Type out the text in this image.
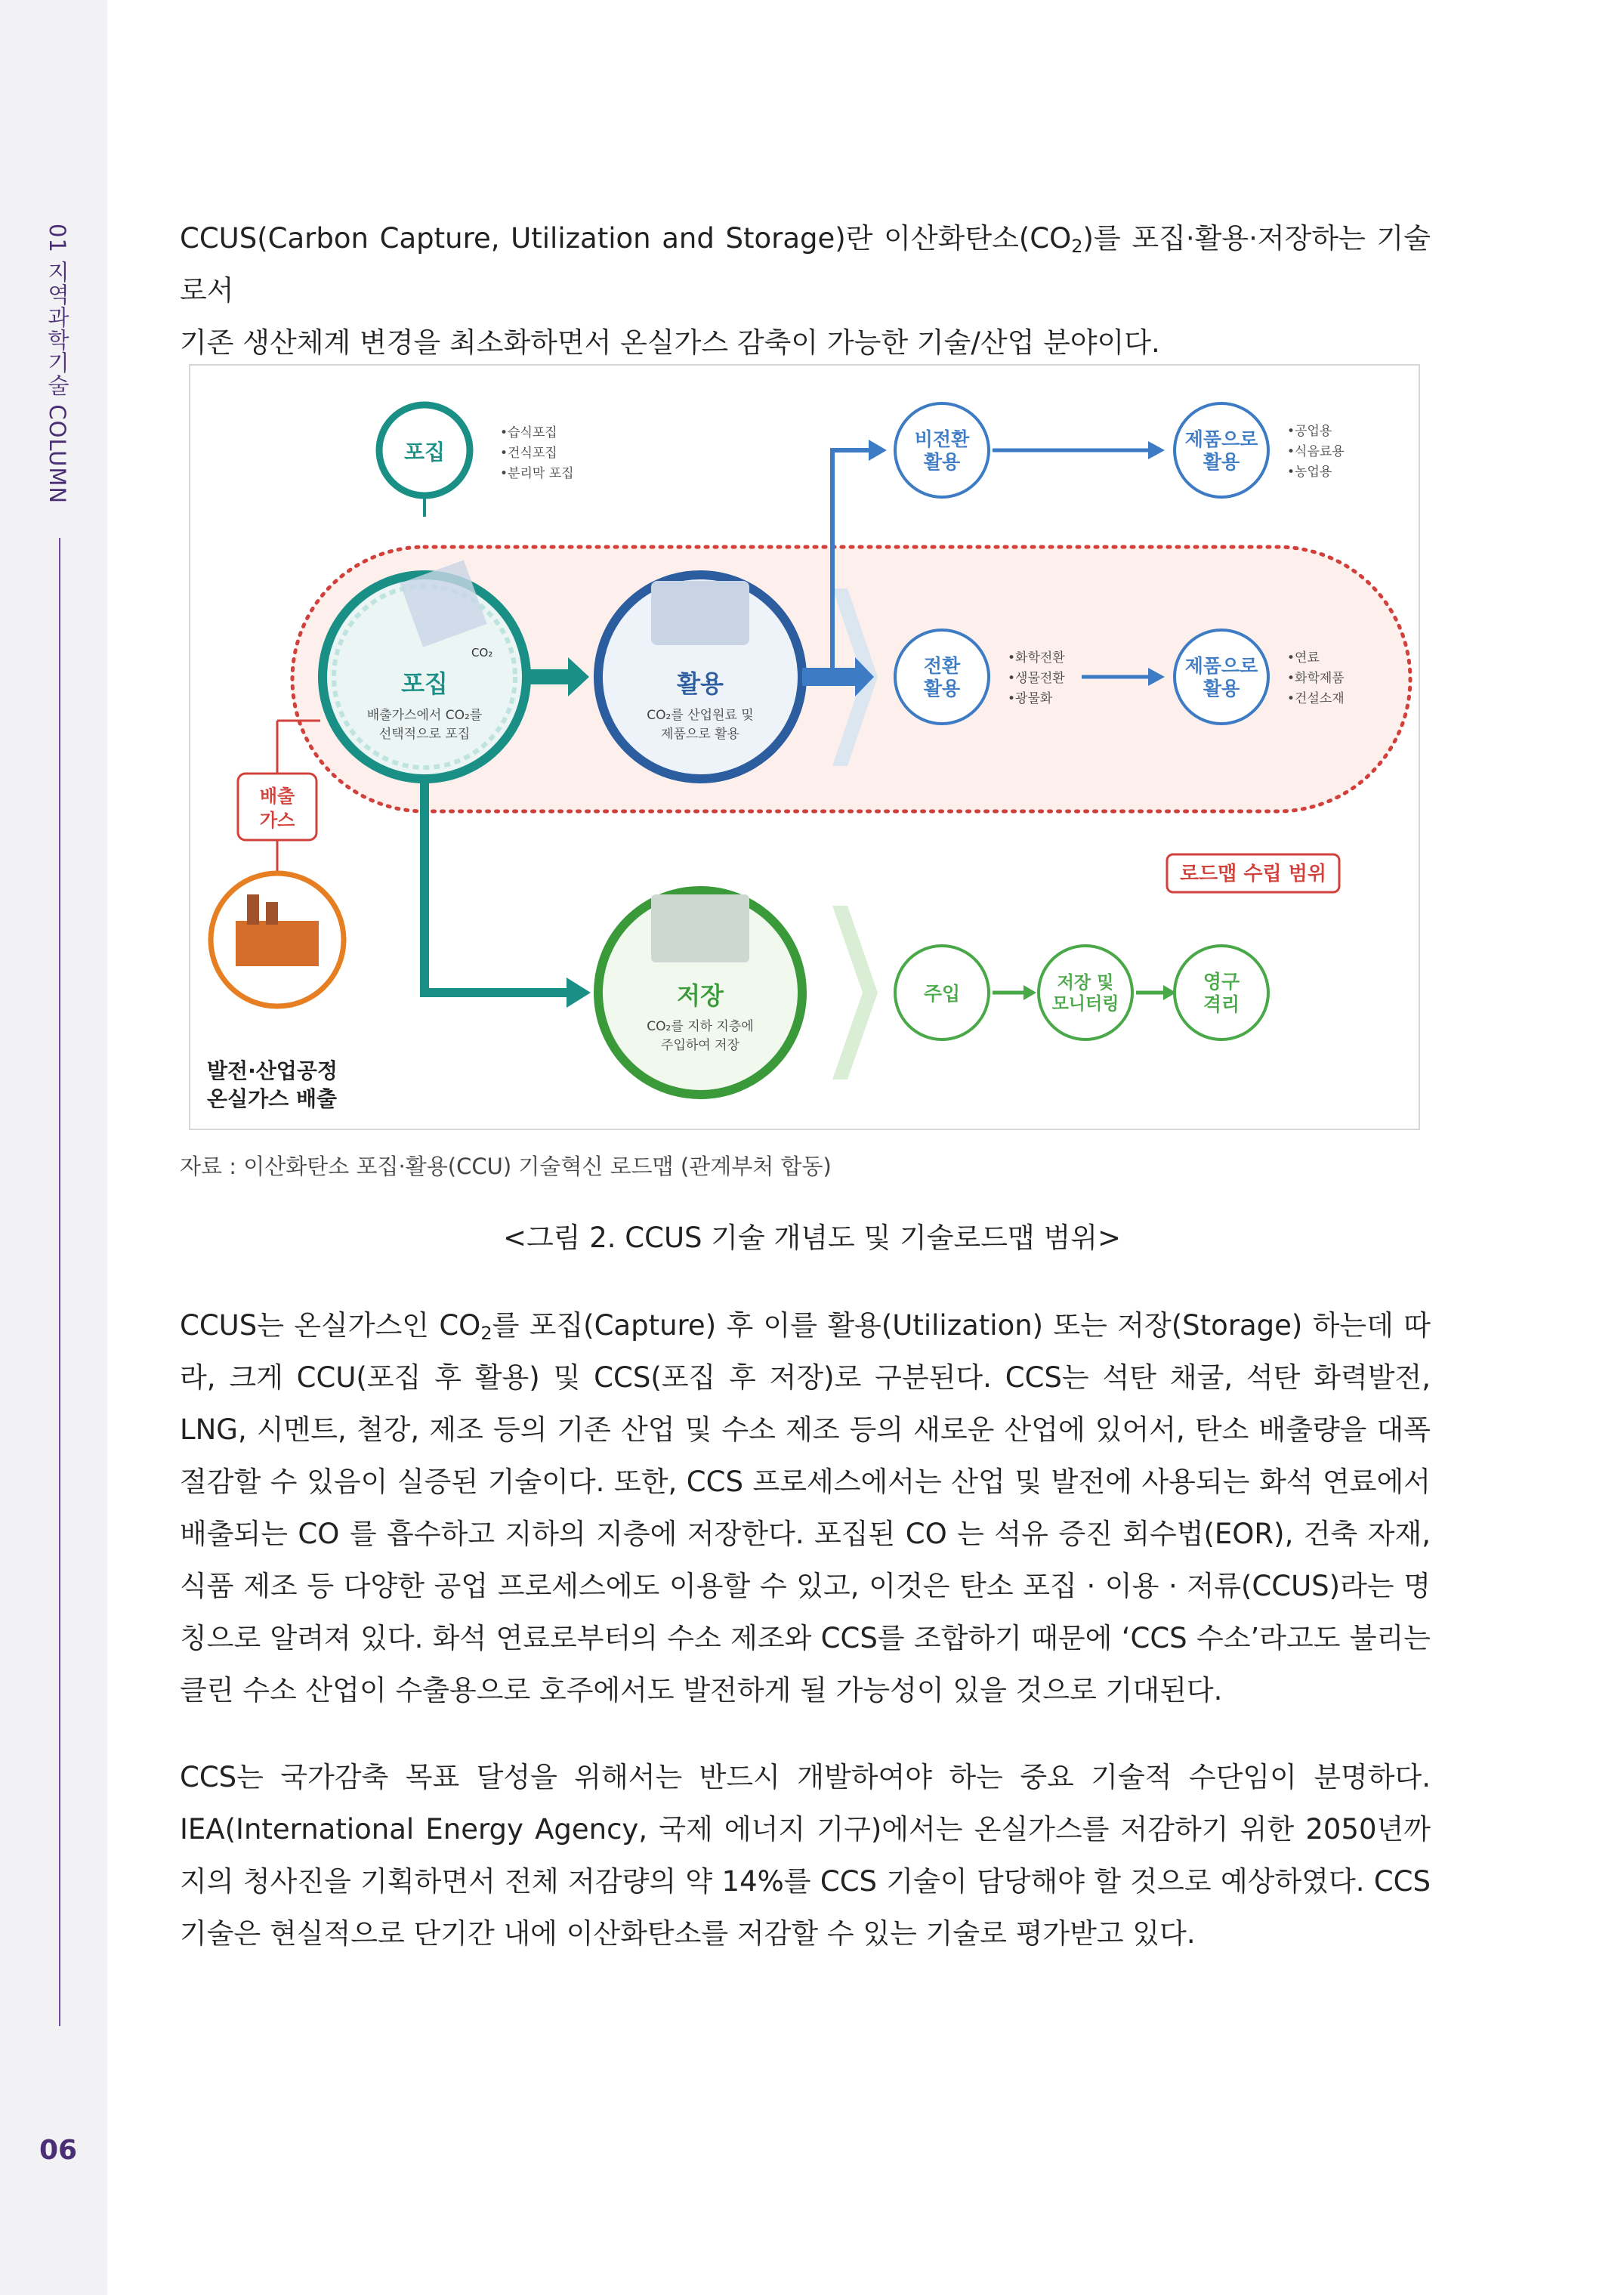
01 지역과학기술 COLUMN
06
CCUS(Carbon Capture, Utilization and Storage)란 이산화탄소$(CO_2)$를 포집·활용·저장하는 기술로서
기존 생산체계 변경을 최소화하면서 온실가스 감축이 가능한 기술/산업 분야이다.
포집
•습식포집
•건식포집
•분리막 포집
CO₂
포집
배출가스에서 CO₂를
선택적으로 포집
활용
CO₂를 산업원료 및
제품으로 활용
비전환
활용
제품으로
활용
•공업용
•식음료용
•농업용
전환
활용
•화학전환
•생물전환
•광물화
제품으로
활용
•연료
•화학제품
•건설소재
배출
가스
로드맵 수립 범위
발전·산업공정
온실가스 배출
저장
CO₂를 지하 지층에
주입하여 저장
주입	저장 및
모니터링
영구
격리
자료 : 이산화탄소 포집·활용(CCU) 기술혁신 로드맵 (관계부처 합동)
<그림 2. CCUS 기술 개념도 및 기술로드맵 범위>
CCUS는 온실가스인 $CO_2$를 포집(Capture) 후 이를 활용(Utilization) 또는 저장(Storage) 하는데 따라, 크게 CCU(포집 후 활용) 및 CCS(포집 후 저장)로 구분된다. CCS는 석탄 채굴, 석탄 화력발전, LNG, 시멘트, 철강, 제조 등의 기존 산업 및 수소 제조 등의 새로운 산업에 있어서, 탄소 배출량을 대폭 절감할 수 있음이 실증된 기술이다. 또한, CCS 프로세스에서는 산업 및 발전에 사용되는 화석 연료에서 배출되는 CO 를 흡수하고 지하의 지층에 저장한다. 포집된 CO 는 석유 증진 회수법(EOR), 건축 자재, 식품 제조 등 다양한 공업 프로세스에도 이용할 수 있고, 이것은 탄소 포집 · 이용 · 저류(CCUS)라는 명칭으로 알려져 있다. 화석 연료로부터의 수소 제조와 CCS를 조합하기 때문에 ‘CCS 수소’라고도 불리는 클린 수소 산업이 수출용으로 호주에서도 발전하게 될 가능성이 있을 것으로 기대된다.
CCS는 국가감축 목표 달성을 위해서는 반드시 개발하여야 하는 중요 기술적 수단임이 분명하다. IEA(International Energy Agency, 국제 에너지 기구)에서는 온실가스를 저감하기 위한 2050년까지의 청사진을 기획하면서 전체 저감량의 약 14%를 CCS 기술이 담당해야 할 것으로 예상하였다. CCS 기술은 현실적으로 단기간 내에 이산화탄소를 저감할 수 있는 기술로 평가받고 있다.
